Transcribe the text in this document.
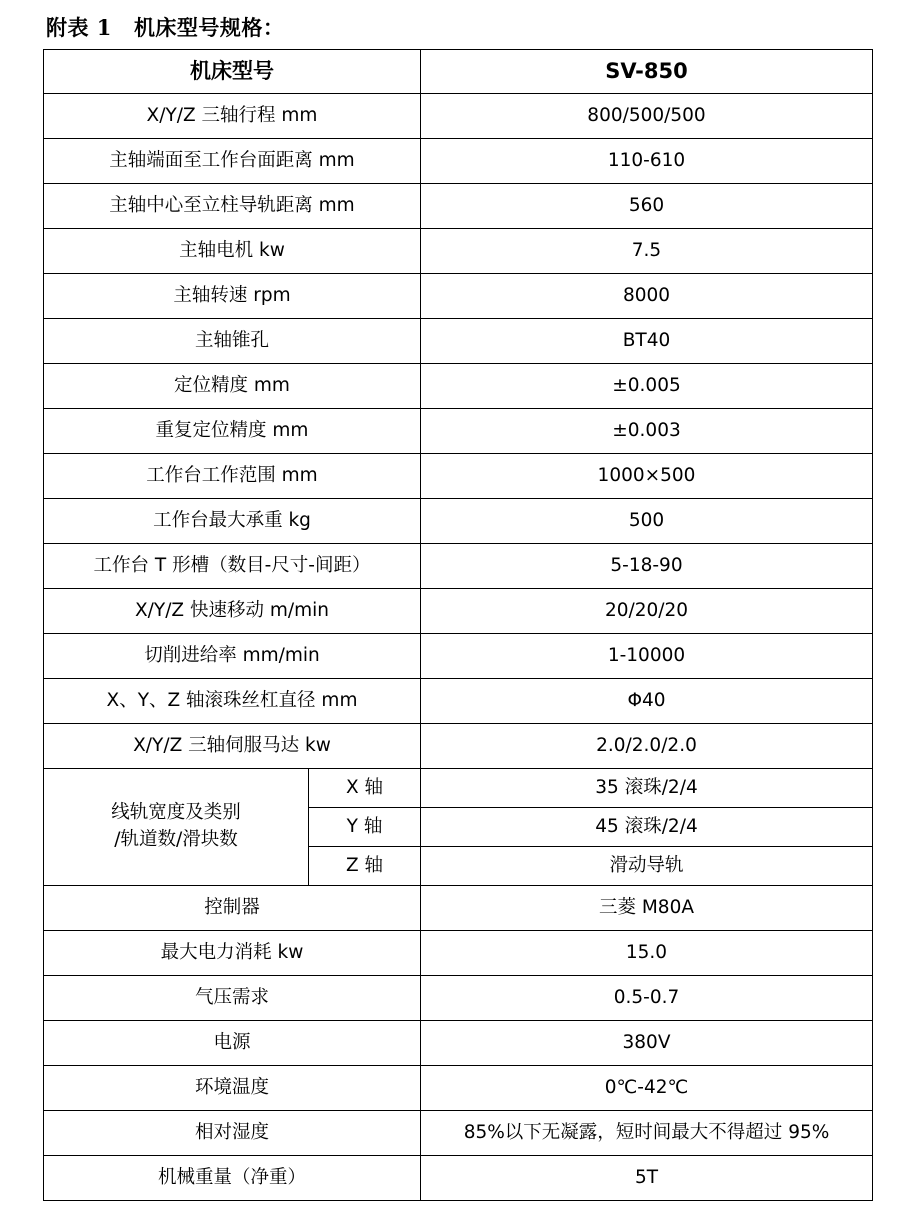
附表 1 机床型号规格：
机床型号		SV-850
X/Y/Z 三轴行程 mm		800/500/500
主轴端面至工作台面距离 mm		110-610
主轴中心至立柱导轨距离 mm		560
主轴电机 kw		7.5
主轴转速 rpm		8000
主轴锥孔		BT40
定位精度 mm		±0.005
重复定位精度 mm		±0.003
工作台工作范围 mm		1000×500
工作台最大承重 kg		500
工作台 T 形槽（数目-尺寸-间距）		5-18-90
X/Y/Z 快速移动 m/min		20/20/20
切削进给率 mm/min		1-10000
X、Y、Z 轴滚珠丝杠直径 mm		Φ40
X/Y/Z 三轴伺服马达 kw		2.0/2.0/2.0
线轨宽度及类别
/轨道数/滑块数	X 轴	35 滚珠/2/4
	Y 轴	45 滚珠/2/4
	Z 轴	滑动导轨
控制器		三菱 M80A
最大电力消耗 kw		15.0
气压需求		0.5-0.7
电源		380V
环境温度		0℃-42℃
相对湿度		85%以下无凝露，短时间最大不得超过 95%
机械重量（净重）		5T
